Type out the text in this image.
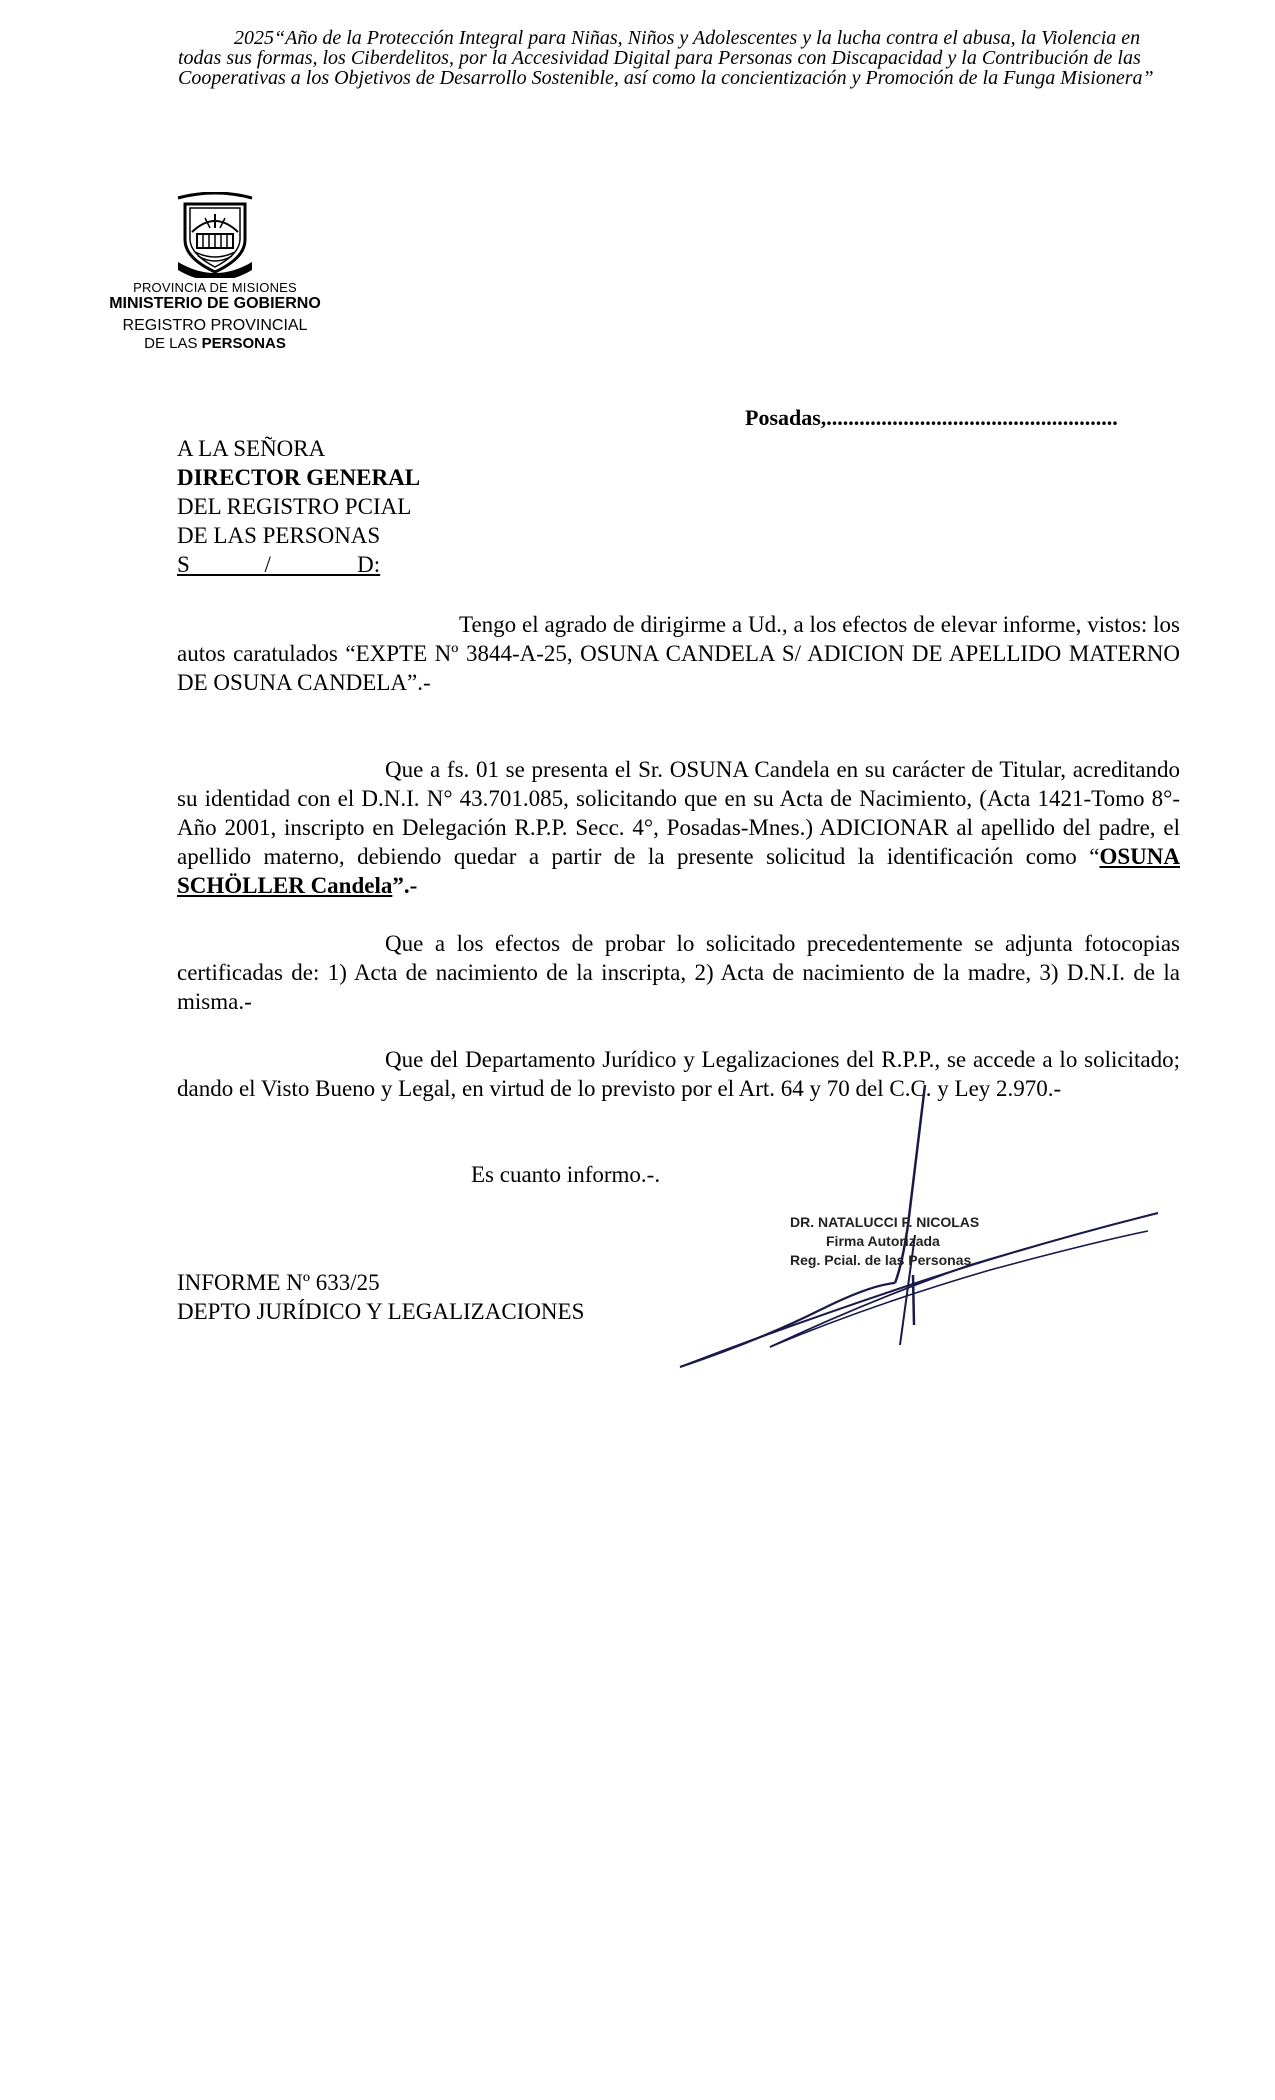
2025“Año de la Protección Integral para Niñas, Niños y Adolescentes y la lucha contra el abusa, la Violencia en todas sus formas, los Ciberdelitos, por la Accesividad Digital para Personas con Discapacidad y la Contribución de las Cooperativas a los Objetivos de Desarrollo Sostenible, así como la concientización y Promoción de la Funga Misionera”
PROVINCIA DE MISIONES
MINISTERIO DE GOBIERNO
REGISTRO PROVINCIAL
DE LAS PERSONAS
Posadas,.....................................................
A LA SEÑORA
DIRECTOR GENERAL
DEL REGISTRO PCIAL
DE LAS PERSONAS
S             /               D:
Tengo el agrado de dirigirme a Ud., a los efectos de elevar informe, vistos: los autos caratulados “EXPTE Nº 3844-A-25, OSUNA CANDELA S/ ADICION DE APELLIDO MATERNO DE OSUNA CANDELA”.-
Que a fs. 01 se presenta el Sr. OSUNA Candela en su carácter de Titular, acreditando su identidad con el D.N.I. N° 43.701.085, solicitando que en su Acta de Nacimiento, (Acta 1421-Tomo 8°-Año 2001, inscripto en Delegación R.P.P. Secc. 4°, Posadas-Mnes.) ADICIONAR al apellido del padre, el apellido materno, debiendo quedar a partir de la presente solicitud la identificación como “OSUNA SCHÖLLER Candela”.-
Que a los efectos de probar lo solicitado precedentemente se adjunta fotocopias certificadas de: 1) Acta de nacimiento de la inscripta, 2) Acta de nacimiento de la madre, 3) D.N.I. de la misma.-
Que del Departamento Jurídico y Legalizaciones del R.P.P., se accede a lo solicitado; dando el Visto Bueno y Legal, en virtud de lo previsto por el Art. 64 y 70 del C.C. y Ley 2.970.-
Es cuanto informo.-.
DR. NATALUCCI F. NICOLAS
Firma Autorizada
Reg. Pcial. de las Personas
INFORME Nº 633/25
DEPTO JURÍDICO Y LEGALIZACIONES
